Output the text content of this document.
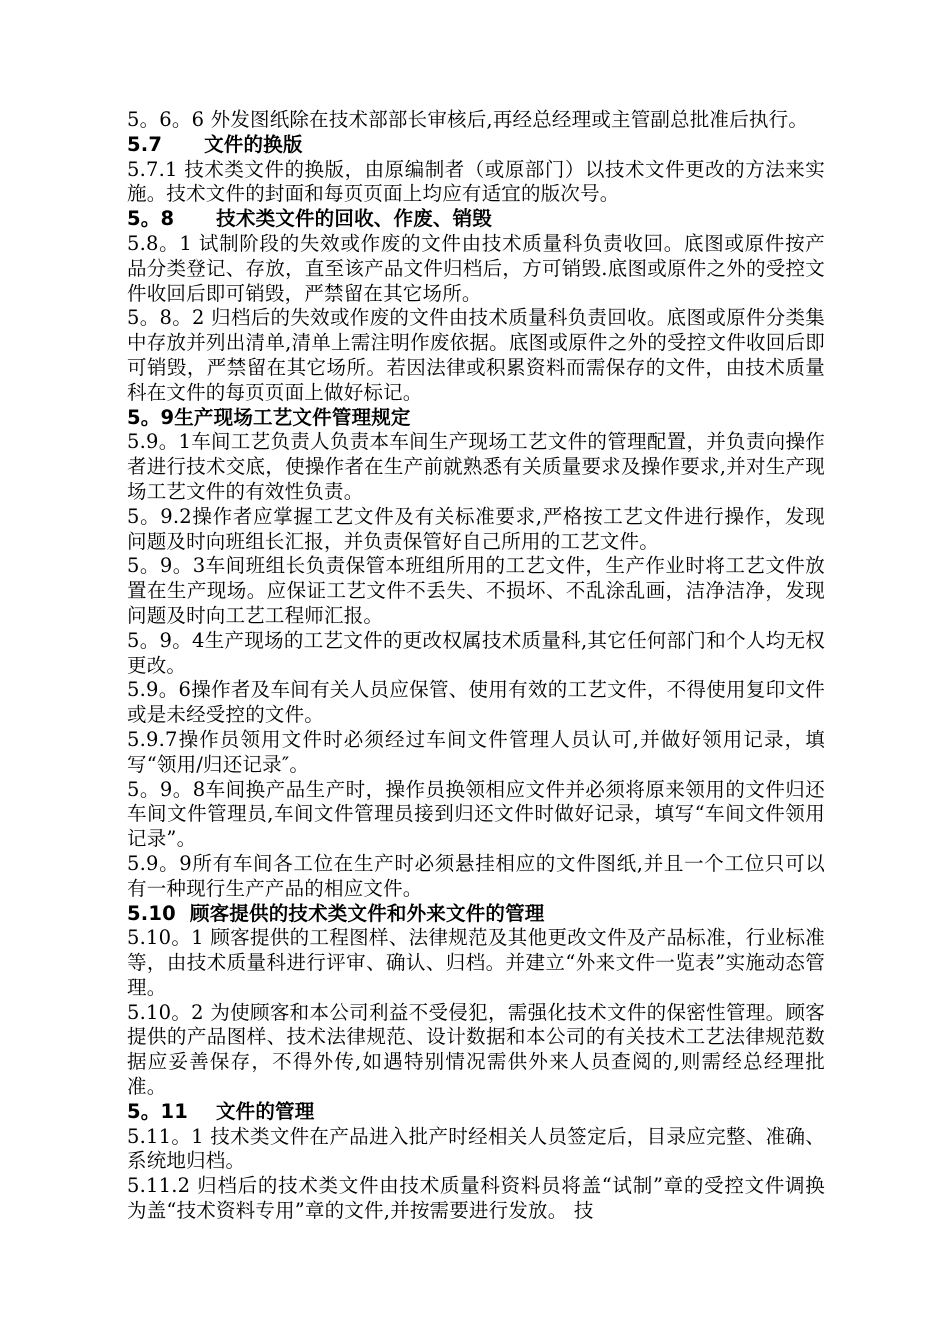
5。6。6 外发图纸除在技术部部长审核后,再经总经理或主管副总批准后执行。

5.7      文件的换版

5.7.1 技术类文件的换版，由原编制者（或原部门）以技术文件更改的方法来实施。技术文件的封面和每页页面上均应有适宜的版次号。

5。8      技术类文件的回收、作废、销毁

5.8。1 试制阶段的失效或作废的文件由技术质量科负责收回。底图或原件按产品分类登记、存放，直至该产品文件归档后，方可销毁.底图或原件之外的受控文件收回后即可销毁，严禁留在其它场所。

5。8。2 归档后的失效或作废的文件由技术质量科负责回收。底图或原件分类集中存放并列出清单,清单上需注明作废依据。底图或原件之外的受控文件收回后即可销毁，严禁留在其它场所。若因法律或积累资料而需保存的文件，由技术质量科在文件的每页页面上做好标记。

5。9生产现场工艺文件管理规定

5.9。1车间工艺负责人负责本车间生产现场工艺文件的管理配置，并负责向操作者进行技术交底，使操作者在生产前就熟悉有关质量要求及操作要求,并对生产现场工艺文件的有效性负责。

5。9.2操作者应掌握工艺文件及有关标准要求,严格按工艺文件进行操作，发现问题及时向班组长汇报，并负责保管好自己所用的工艺文件。

5。9。3车间班组长负责保管本班组所用的工艺文件，生产作业时将工艺文件放置在生产现场。应保证工艺文件不丢失、不损坏、不乱涂乱画，洁净洁净，发现问题及时向工艺工程师汇报。

5。9。4生产现场的工艺文件的更改权属技术质量科,其它任何部门和个人均无权更改。

5.9。6操作者及车间有关人员应保管、使用有效的工艺文件，不得使用复印文件或是未经受控的文件。

5.9.7操作员领用文件时必须经过车间文件管理人员认可,并做好领用记录，填写“领用/归还记录″。

5。9。8车间换产品生产时，操作员换领相应文件并必须将原来领用的文件归还车间文件管理员,车间文件管理员接到归还文件时做好记录，填写“车间文件领用记录”。

5.9。9所有车间各工位在生产时必须悬挂相应的文件图纸,并且一个工位只可以有一种现行生产产品的相应文件。

5.10  顾客提供的技术类文件和外来文件的管理

5.10。1 顾客提供的工程图样、法律规范及其他更改文件及产品标准，行业标准等，由技术质量科进行评审、确认、归档。并建立“外来文件一览表”实施动态管理。

5.10。2 为使顾客和本公司利益不受侵犯，需强化技术文件的保密性管理。顾客提供的产品图样、技术法律规范、设计数据和本公司的有关技术工艺法律规范数据应妥善保存，不得外传,如遇特别情况需供外来人员查阅的,则需经总经理批准。

5。11    文件的管理

5.11。1 技术类文件在产品进入批产时经相关人员签定后，目录应完整、准确、系统地归档。

5.11.2 归档后的技术类文件由技术质量科资料员将盖“试制”章的受控文件调换为盖“技术资料专用”章的文件,并按需要进行发放。 技
